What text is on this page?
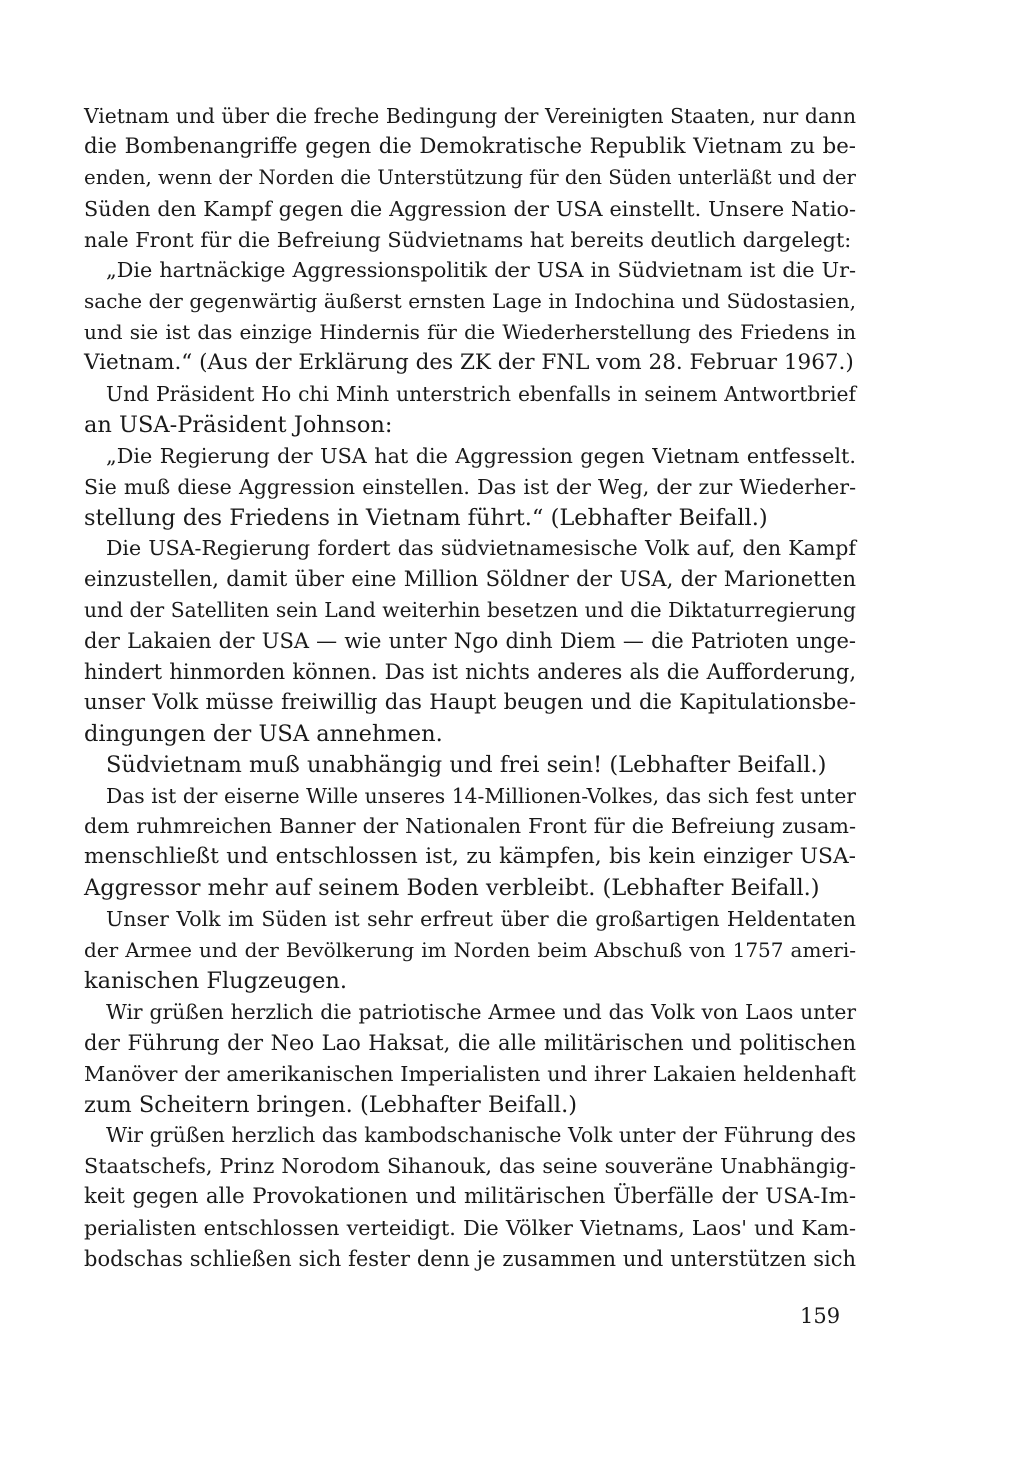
Vietnam und über die freche Bedingung der Vereinigten Staaten, nur dann
die Bombenangriffe gegen die Demokratische Republik Vietnam zu be-
enden, wenn der Norden die Unterstützung für den Süden unterläßt und der
Süden den Kampf gegen die Aggression der USA einstellt. Unsere Natio-
nale Front für die Befreiung Südvietnams hat bereits deutlich dargelegt:
„Die hartnäckige Aggressionspolitik der USA in Südvietnam ist die Ur-
sache der gegenwärtig äußerst ernsten Lage in Indochina und Südostasien,
und sie ist das einzige Hindernis für die Wiederherstellung des Friedens in
Vietnam.“ (Aus der Erklärung des ZK der FNL vom 28. Februar 1967.)
Und Präsident Ho chi Minh unterstrich ebenfalls in seinem Antwortbrief
an USA-Präsident Johnson:
„Die Regierung der USA hat die Aggression gegen Vietnam entfesselt.
Sie muß diese Aggression einstellen. Das ist der Weg, der zur Wiederher-
stellung des Friedens in Vietnam führt.“ (Lebhafter Beifall.)
Die USA-Regierung fordert das südvietnamesische Volk auf, den Kampf
einzustellen, damit über eine Million Söldner der USA, der Marionetten
und der Satelliten sein Land weiterhin besetzen und die Diktaturregierung
der Lakaien der USA — wie unter Ngo dinh Diem — die Patrioten unge-
hindert hinmorden können. Das ist nichts anderes als die Aufforderung,
unser Volk müsse freiwillig das Haupt beugen und die Kapitulationsbe-
dingungen der USA annehmen.
Südvietnam muß unabhängig und frei sein! (Lebhafter Beifall.)
Das ist der eiserne Wille unseres 14-Millionen-Volkes, das sich fest unter
dem ruhmreichen Banner der Nationalen Front für die Befreiung zusam-
menschließt und entschlossen ist, zu kämpfen, bis kein einziger USA-
Aggressor mehr auf seinem Boden verbleibt. (Lebhafter Beifall.)
Unser Volk im Süden ist sehr erfreut über die großartigen Heldentaten
der Armee und der Bevölkerung im Norden beim Abschuß von 1757 ameri-
kanischen Flugzeugen.
Wir grüßen herzlich die patriotische Armee und das Volk von Laos unter
der Führung der Neo Lao Haksat, die alle militärischen und politischen
Manöver der amerikanischen Imperialisten und ihrer Lakaien heldenhaft
zum Scheitern bringen. (Lebhafter Beifall.)
Wir grüßen herzlich das kambodschanische Volk unter der Führung des
Staatschefs, Prinz Norodom Sihanouk, das seine souveräne Unabhängig-
keit gegen alle Provokationen und militärischen Überfälle der USA-Im-
perialisten entschlossen verteidigt. Die Völker Vietnams, Laos' und Kam-
bodschas schließen sich fester denn je zusammen und unterstützen sich
159
